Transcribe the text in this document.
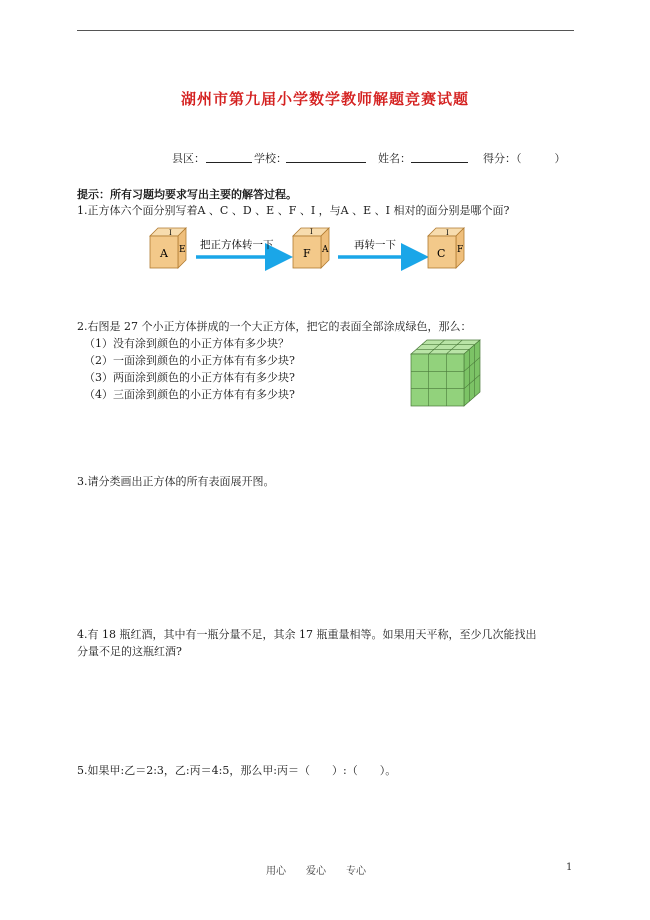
湖州市第九届小学数学教师解题竞赛试题
县区：	学校：	姓名：	得分：（　　　）
提示：所有习题均要求写出主要的解答过程。
1.正方体六个面分别写着A 、C 、D 、E 、F 、I ，与A 、E 、I 相对的面分别是哪个面?
A E
I
把正方体转一下
F A
I
再转一下
C F
I
2.右图是 27 个小正方体拼成的一个大正方体，把它的表面全部涂成绿色，那么：
（1）没有涂到颜色的小正方体有多少块？
（2）一面涂到颜色的小正方体有有多少块?
（3）两面涂到颜色的小正方体有有多少块?
（4）三面涂到颜色的小正方体有有多少块?
3.请分类画出正方体的所有表面展开图。
4.有 18 瓶红酒，其中有一瓶分量不足，其余 17 瓶重量相等。如果用天平称，至少几次能找出
分量不足的这瓶红酒?
5.如果甲:乙＝2:3，乙:丙＝4:5，那么甲:丙＝（　　）:（　　）。
用心　　爱心　　专心	1
